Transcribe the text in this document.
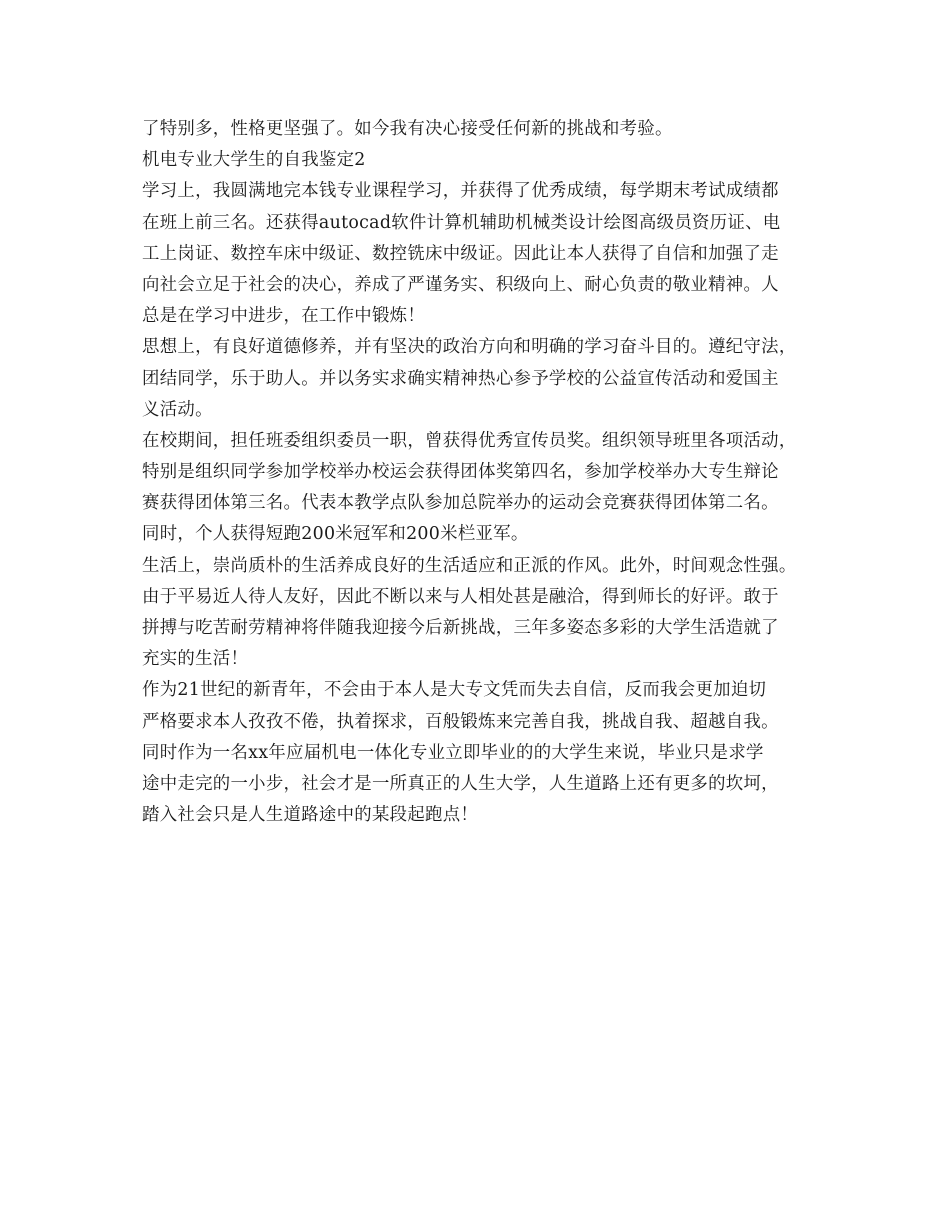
了特别多，性格更坚强了。如今我有决心接受任何新的挑战和考验。
机电专业大学生的自我鉴定2
学习上，我圆满地完本钱专业课程学习，并获得了优秀成绩，每学期末考试成绩都
在班上前三名。还获得autocad软件计算机辅助机械类设计绘图高级员资历证、电
工上岗证、数控车床中级证、数控铣床中级证。因此让本人获得了自信和加强了走
向社会立足于社会的决心，养成了严谨务实、积级向上、耐心负责的敬业精神。人
总是在学习中进步，在工作中锻炼！
思想上，有良好道德修养，并有坚决的政治方向和明确的学习奋斗目的。遵纪守法，
团结同学，乐于助人。并以务实求确实精神热心参予学校的公益宣传活动和爱国主
义活动。
在校期间，担任班委组织委员一职，曾获得优秀宣传员奖。组织领导班里各项活动，
特别是组织同学参加学校举办校运会获得团体奖第四名，参加学校举办大专生辩论
赛获得团体第三名。代表本教学点队参加总院举办的运动会竞赛获得团体第二名。
同时，个人获得短跑200米冠军和200米栏亚军。
生活上，崇尚质朴的生活养成良好的生活适应和正派的作风。此外，时间观念性强。
由于平易近人待人友好，因此不断以来与人相处甚是融洽，得到师长的好评。敢于
拼搏与吃苦耐劳精神将伴随我迎接今后新挑战，三年多姿态多彩的大学生活造就了
充实的生活！
作为21世纪的新青年，不会由于本人是大专文凭而失去自信，反而我会更加迫切
严格要求本人孜孜不倦，执着探求，百般锻炼来完善自我，挑战自我、超越自我。
同时作为一名xx年应届机电一体化专业立即毕业的的大学生来说，毕业只是求学
途中走完的一小步，社会才是一所真正的人生大学，人生道路上还有更多的坎坷，
踏入社会只是人生道路途中的某段起跑点！
